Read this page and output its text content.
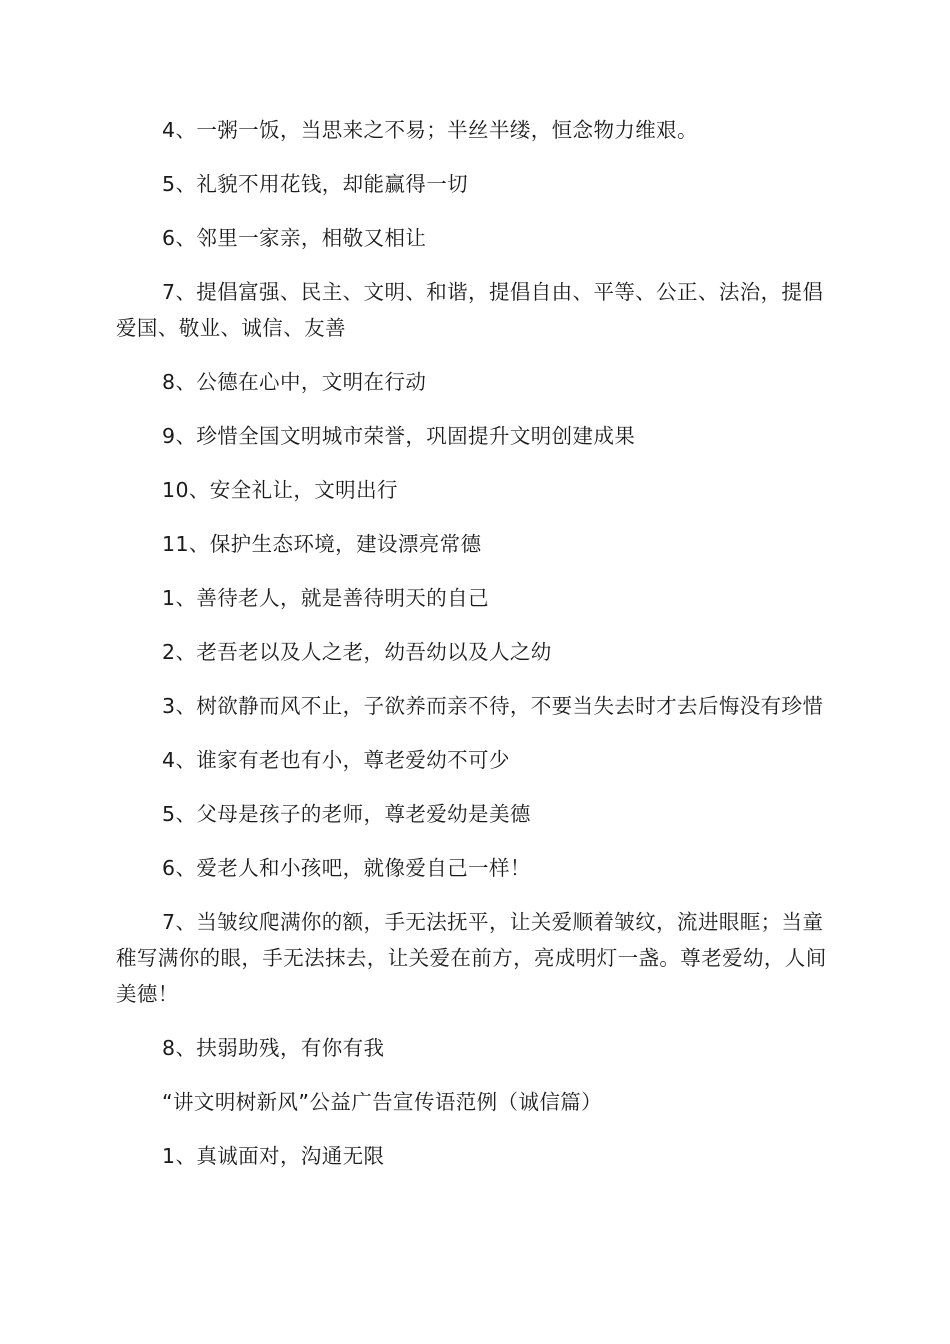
4、一粥一饭，当思来之不易；半丝半缕，恒念物力维艰。

5、礼貌不用花钱，却能赢得一切

6、邻里一家亲，相敬又相让

7、提倡富强、民主、文明、和谐，提倡自由、平等、公正、法治，提倡爱国、敬业、诚信、友善

8、公德在心中，文明在行动

9、珍惜全国文明城市荣誉，巩固提升文明创建成果

10、安全礼让，文明出行

11、保护生态环境，建设漂亮常德

1、善待老人，就是善待明天的自己

2、老吾老以及人之老，幼吾幼以及人之幼

3、树欲静而风不止，子欲养而亲不待，不要当失去时才去后悔没有珍惜

4、谁家有老也有小，尊老爱幼不可少

5、父母是孩子的老师，尊老爱幼是美德

6、爱老人和小孩吧，就像爱自己一样！

7、当皱纹爬满你的额，手无法抚平，让关爱顺着皱纹，流进眼眶；当童稚写满你的眼，手无法抹去，让关爱在前方，亮成明灯一盏。尊老爱幼，人间美德！

8、扶弱助残，有你有我

“讲文明树新风”公益广告宣传语范例（诚信篇）

1、真诚面对，沟通无限
